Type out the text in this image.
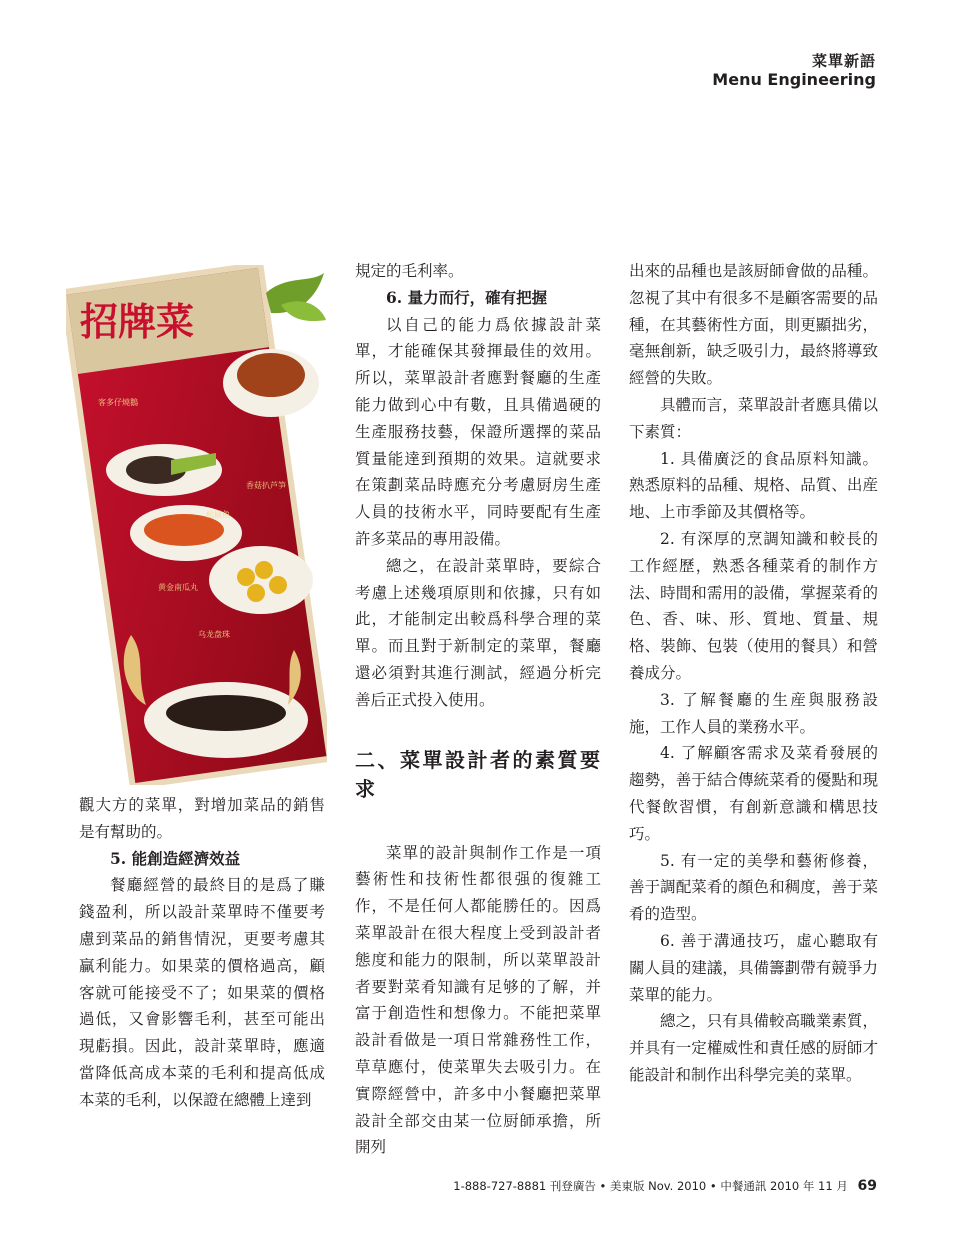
菜單新語
Menu Engineering
招牌菜
客多仔燒鵝
香菇扒芦笋
松鼠鱼
黄金南瓜丸
乌龙盘珠

觀大方的菜單，對增加菜品的銷售是有幫助的。

5. 能創造經濟效益

餐廳經營的最終目的是爲了賺錢盈利，所以設計菜單時不僅要考慮到菜品的銷售情況，更要考慮其贏利能力。如果菜的價格過高，顧客就可能接受不了；如果菜的價格過低，又會影響毛利，甚至可能出現虧損。因此，設計菜單時，應適當降低高成本菜的毛利和提高低成本菜的毛利，以保證在總體上達到

規定的毛利率。

6. 量力而行，確有把握

以自己的能力爲依據設計菜單，才能確保其發揮最佳的效用。所以，菜單設計者應對餐廳的生產能力做到心中有數，且具備過硬的生產服務技藝，保證所選擇的菜品質量能達到預期的效果。這就要求在策劃菜品時應充分考慮厨房生產人員的技術水平，同時要配有生產許多菜品的專用設備。

總之，在設計菜單時，要綜合考慮上述幾項原則和依據，只有如此，才能制定出較爲科學合理的菜單。而且對于新制定的菜單，餐廳還必須對其進行測試，經過分析完善后正式投入使用。

二、菜單設計者的素質要求

菜單的設計與制作工作是一項藝術性和技術性都很强的復雜工作，不是任何人都能勝任的。因爲菜單設計在很大程度上受到設計者態度和能力的限制，所以菜單設計者要對菜肴知識有足够的了解，并富于創造性和想像力。不能把菜單設計看做是一項日常雜務性工作，草草應付，使菜單失去吸引力。在實際經營中，許多中小餐廳把菜單設計全部交由某一位厨師承擔，所開列

出來的品種也是該厨師會做的品種。忽視了其中有很多不是顧客需要的品種，在其藝術性方面，則更顯拙劣，毫無創新，缺乏吸引力，最終將導致經營的失敗。

具體而言，菜單設計者應具備以下素質：

1. 具備廣泛的食品原料知識。熟悉原料的品種、規格、品質、出産地、上市季節及其價格等。

2. 有深厚的烹調知識和較長的工作經歷，熟悉各種菜肴的制作方法、時間和需用的設備，掌握菜肴的色、香、味、形、質地、質量、規格、裝飾、包裝（使用的餐具）和營養成分。

3. 了解餐廳的生産與服務設施，工作人員的業務水平。

4. 了解顧客需求及菜肴發展的趨勢，善于結合傳統菜肴的優點和現代餐飲習慣，有創新意識和構思技巧。

5. 有一定的美學和藝術修養，善于調配菜肴的顏色和稠度，善于菜肴的造型。

6. 善于溝通技巧，虛心聽取有關人員的建議，具備籌劃帶有競爭力菜單的能力。

總之，只有具備較高職業素質，并具有一定權威性和責任感的厨師才能設計和制作出科學完美的菜單。

1-888-727-8881 刊登廣告 • 美東版 Nov. 2010 • 中餐通訊 2010 年 11 月 69
